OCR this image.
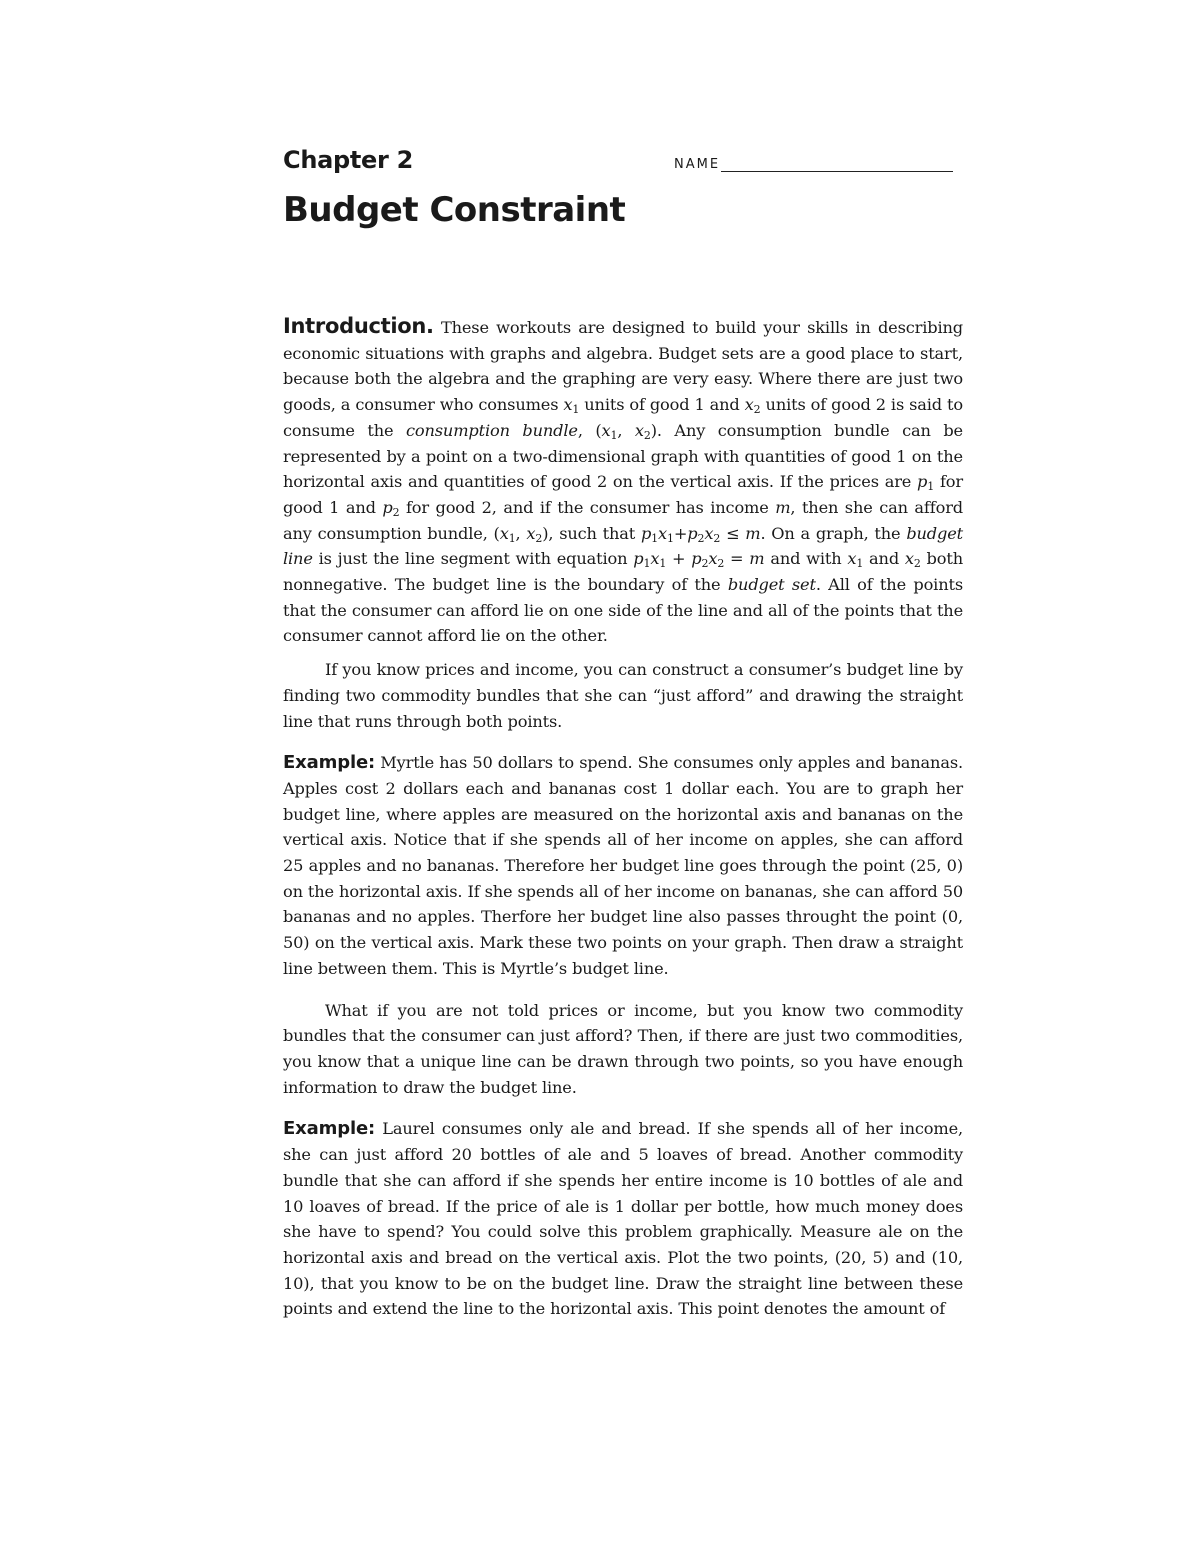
Chapter 2	NAME
Budget Constraint

Introduction. These workouts are designed to build your skills in describing economic situations with graphs and algebra. Budget sets are a good place to start, because both the algebra and the graphing are very easy. Where there are just two goods, a consumer who consumes $x_1$ units of good 1 and $x_2$ units of good 2 is said to consume the consumption bundle, ($x_1$, $x_2$). Any consumption bundle can be represented by a point on a two-dimensional graph with quantities of good 1 on the horizontal axis and quantities of good 2 on the vertical axis. If the prices are $p_1$ for good 1 and $p_2$ for good 2, and if the consumer has income m, then she can afford any consumption bundle, ($x_1$, $x_2$), such that $p_1x_1+p_2x_2 \le m$. On a graph, the budget line is just the line segment with equation $p_1x_1 + p_2x_2 = m$ and with $x_1$ and $x_2$ both nonnegative. The budget line is the boundary of the budget set. All of the points that the consumer can afford lie on one side of the line and all of the points that the consumer cannot afford lie on the other.

If you know prices and income, you can construct a consumer’s budget line by finding two commodity bundles that she can “just afford” and drawing the straight line that runs through both points.

Example: Myrtle has 50 dollars to spend. She consumes only apples and bananas. Apples cost 2 dollars each and bananas cost 1 dollar each. You are to graph her budget line, where apples are measured on the horizontal axis and bananas on the vertical axis. Notice that if she spends all of her income on apples, she can afford 25 apples and no bananas. Therefore her budget line goes through the point (25, 0) on the horizontal axis. If she spends all of her income on bananas, she can afford 50 bananas and no apples. Therfore her budget line also passes throught the point (0, 50) on the vertical axis. Mark these two points on your graph. Then draw a straight line between them. This is Myrtle’s budget line.

What if you are not told prices or income, but you know two commodity bundles that the consumer can just afford? Then, if there are just two commodities, you know that a unique line can be drawn through two points, so you have enough information to draw the budget line.

Example: Laurel consumes only ale and bread. If she spends all of her income, she can just afford 20 bottles of ale and 5 loaves of bread. Another commodity bundle that she can afford if she spends her entire income is 10 bottles of ale and 10 loaves of bread. If the price of ale is 1 dollar per bottle, how much money does she have to spend? You could solve this problem graphically. Measure ale on the horizontal axis and bread on the vertical axis. Plot the two points, (20, 5) and (10, 10), that you know to be on the budget line. Draw the straight line between these points and extend the line to the horizontal axis. This point denotes the amount of
